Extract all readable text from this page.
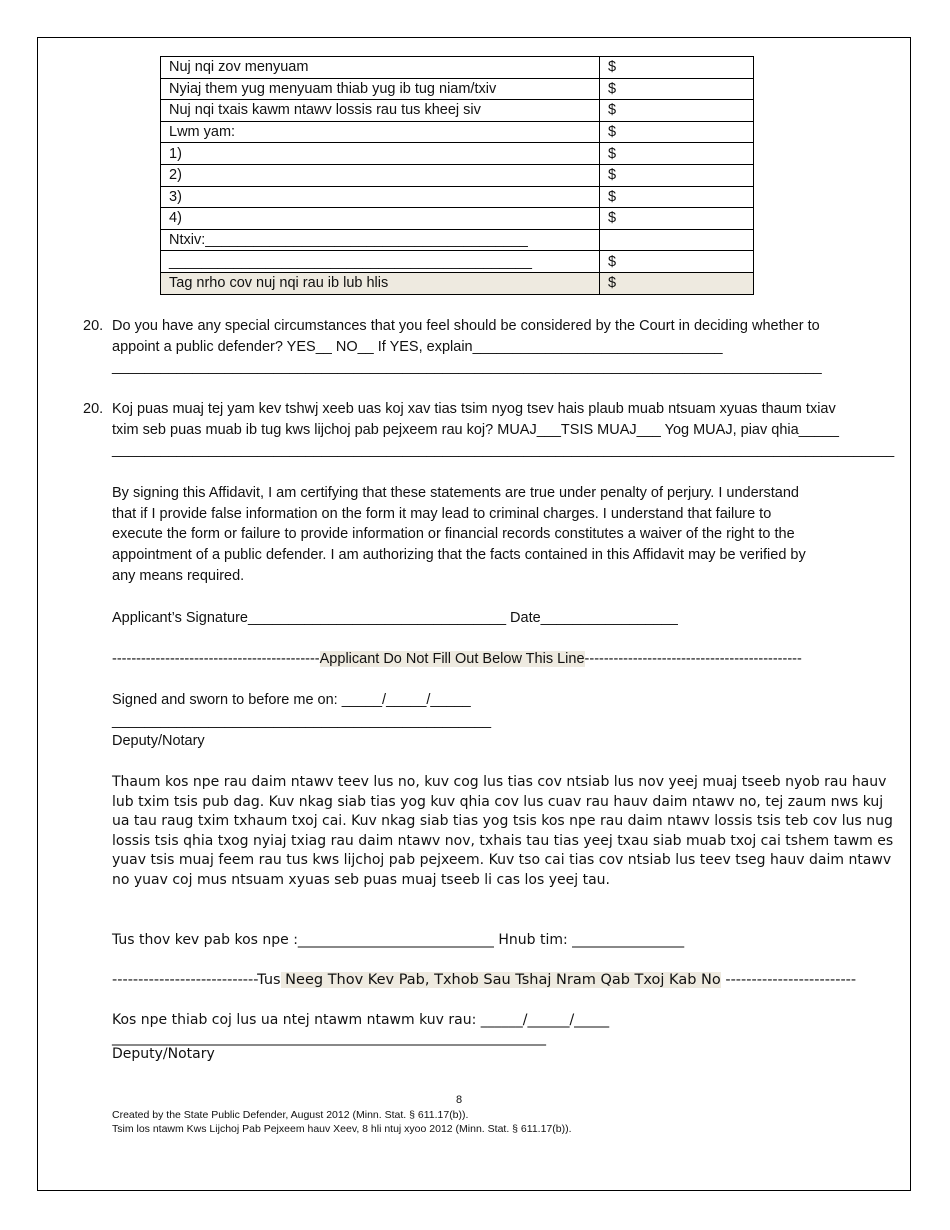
Nuj nqi zov menyuam	$
Nyiaj them yug menyuam thiab yug ib tug niam/txiv	$
Nuj nqi txais kawm ntawv lossis rau tus kheej siv	$
Lwm yam:	$
1)	$
2)	$
3)	$
4)	$
Ntxiv:________________________________________	
_____________________________________________	$
Tag nrho cov nuj nqi rau ib lub hlis	$
20. Do you have any special circumstances that you feel should be considered by the Court in deciding whether to
appoint a public defender? YES__ NO__ If YES, explain_______________________________
________________________________________________________________________________________
20. Koj puas muaj tej yam kev tshwj xeeb uas koj xav tias tsim nyog tsev hais plaub muab ntsuam xyuas thaum txiav
txim seb puas muab ib tug kws lijchoj pab pejxeem rau koj? MUAJ___TSIS MUAJ___ Yog MUAJ, piav qhia_____
_________________________________________________________________________________________________
By signing this Affidavit, I am certifying that these statements are true under penalty of perjury. I understand
that if I provide false information on the form it may lead to criminal charges. I understand that failure to
execute the form or failure to provide information or financial records constitutes a waiver of the right to the
appointment of a public defender. I am authorizing that the facts contained in this Affidavit may be verified by
any means required.
Applicant’s Signature________________________________ Date_________________
-------------------------------------------Applicant Do Not Fill Out Below This Line---------------------------------------------
Signed and sworn to before me on: _____/_____/_____
_______________________________________________
Deputy/Notary
Thaum kos npe rau daim ntawv teev lus no, kuv cog lus tias cov ntsiab lus nov yeej muaj tseeb nyob rau hauv
lub txim tsis pub dag. Kuv nkag siab tias yog kuv qhia cov lus cuav rau hauv daim ntawv no, tej zaum nws kuj
ua tau raug txim txhaum txoj cai. Kuv nkag siab tias yog tsis kos npe rau daim ntawv lossis tsis teb cov lus nug
lossis tsis qhia txog nyiaj txiag rau daim ntawv nov, txhais tau tias yeej txau siab muab txoj cai tshem tawm es
yuav tsis muaj feem rau tus kws lijchoj pab pejxeem. Kuv tso cai tias cov ntsiab lus teev tseg hauv daim ntawv
no yuav coj mus ntsuam xyuas seb puas muaj tseeb li cas los yeej tau.
Tus thov kev pab kos npe :____________________________ Hnub tim: ________________
----------------------------Tus Neeg Thov Kev Pab, Txhob Sau Tshaj Nram Qab Txoj Kab No -------------------------
Kos npe thiab coj lus ua ntej ntawm ntawm kuv rau: ______/______/_____
______________________________________________________________
Deputy/Notary
8
Created by the State Public Defender, August 2012 (Minn. Stat. § 611.17(b)).
Tsim los ntawm Kws Lijchoj Pab Pejxeem hauv Xeev, 8 hli ntuj xyoo 2012 (Minn. Stat. § 611.17(b)).
